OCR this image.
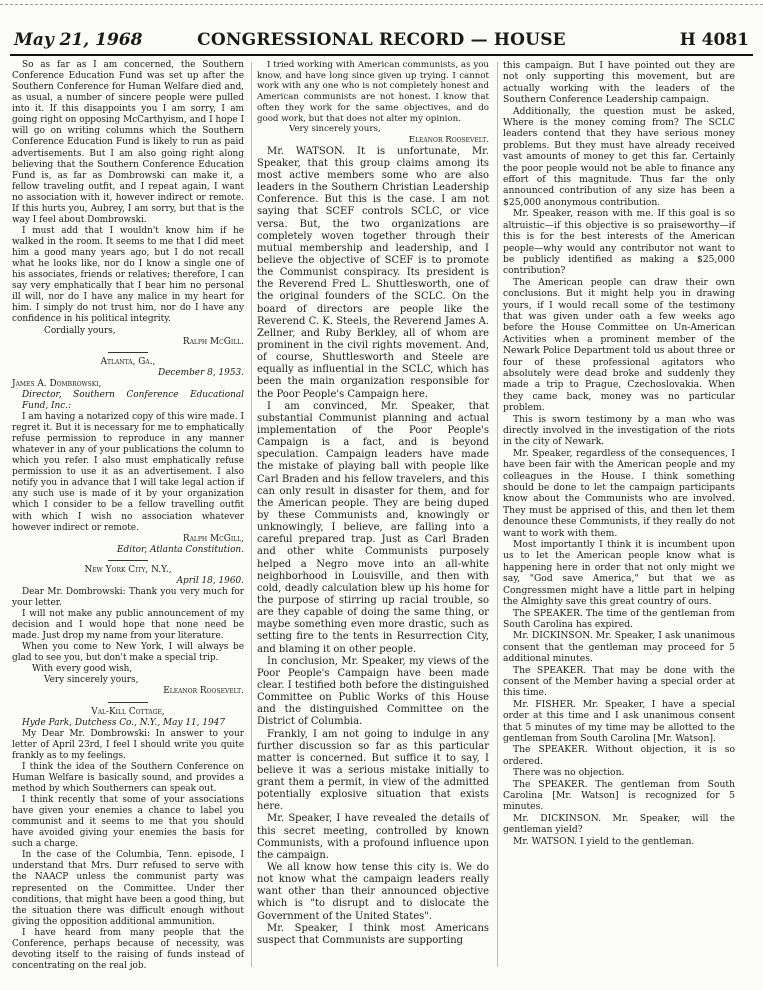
May 21, 1968	CONGRESSIONAL RECORD — HOUSE	H 4081

So as far as I am concerned, the Southern Conference Education Fund was set up after the Southern Conference for Human Welfare died and, as usual, a number of sincere people were pulled into it. If this disappoints you I am sorry, I am going right on opposing McCarthyism, and I hope I will go on writing columns which the Southern Conference Education Fund is likely to run as paid advertisements. But I am also going right along believing that the Southern Conference Education Fund is, as far as Dombrowski can make it, a fellow traveling outfit, and I repeat again, I want no association with it, however indirect or remote. If this hurts you, Aubrey, I am sorry, but that is the way I feel about Dombrowski.

I must add that I wouldn't know him if he walked in the room. It seems to me that I did meet him a good many years ago, but I do not recall what he looks like, nor do I know a single one of his associates, friends or relatives; therefore, I can say very emphatically that I bear him no personal ill will, nor do I have any malice in my heart for him. I simply do not trust him, nor do I have any confidence in his political integrity.

Cordially yours,

Ralph McGill.

Atlanta, Ga.,

December 8, 1953.

James A. Dombrowski,

Director, Southern Conference Educational Fund, Inc.:

I am having a notarized copy of this wire made. I regret it. But it is necessary for me to emphatically refuse permission to reproduce in any manner whatever in any of your publications the column to which you refer. I also must emphatically refuse permission to use it as an advertisement. I also notify you in advance that I will take legal action if any such use is made of it by your organization which I consider to be a fellow travelling outfit with which I wish no association whatever however indirect or remote.

Ralph McGill,

Editor, Atlanta Constitution.

New York City, N.Y.,

April 18, 1960.

Dear Mr. Dombrowski: Thank you very much for your letter.

I will not make any public announcement of my decision and I would hope that none need be made. Just drop my name from your literature.

When you come to New York, I will always be glad to see you, but don't make a special trip.

With every good wish,

Very sincerely yours,

Eleanor Roosevelt.

Val-Kill Cottage,

Hyde Park, Dutchess Co., N.Y., May 11, 1947

My Dear Mr. Dombrowski: In answer to your letter of April 23rd, I feel I should write you quite frankly as to my feelings.

I think the idea of the Southern Conference on Human Welfare is basically sound, and provides a method by which Southerners can speak out.

I think recently that some of your associations have given your enemies a chance to label you communist and it seems to me that you should have avoided giving your enemies the basis for such a charge.

In the case of the Columbia, Tenn. episode, I understand that Mrs. Durr refused to serve with the NAACP unless the communist party was represented on the Committee. Under ther conditions, that might have been a good thing, but the situation there was difficult enough without giving the opposition additional ammunition.

I have heard from many people that the Conference, perhaps because of necessity, was devoting itself to the raising of funds instead of concentrating on the real job.

I tried working with American communists, as you know, and have long since given up trying. I cannot work with any one who is not completely honest and American communists are not honest. I know that often they work for the same objectives, and do good work, but that does not alter my opinion.

Very sincerely yours,

Eleanor Roosevelt.

Mr. WATSON. It is unfortunate, Mr. Speaker, that this group claims among its most active members some who are also leaders in the Southern Christian Leadership Conference. But this is the case. I am not saying that SCEF controls SCLC, or vice versa. But, the two organizations are completely woven together through their mutual membership and leadership, and I believe the objective of SCEF is to promote the Communist conspiracy. Its president is the Reverend Fred L. Shuttlesworth, one of the original founders of the SCLC. On the board of directors are people like the Reverend C. K. Steels, the Reverend James A. Zellner, and Ruby Berkley, all of whom are prominent in the civil rights movement. And, of course, Shuttlesworth and Steele are equally as influential in the SCLC, which has been the main organization responsible for the Poor People's Campaign here.

I am convinced, Mr. Speaker, that substantial Communist planning and actual implementation of the Poor People's Campaign is a fact, and is beyond speculation. Campaign leaders have made the mistake of playing ball with people like Carl Braden and his fellow travelers, and this can only result in disaster for them, and for the American people. They are being duped by these Communists and, knowingly or unknowingly, I believe, are falling into a careful prepared trap. Just as Carl Braden and other white Communists purposely helped a Negro move into an all-white neighborhood in Louisville, and then with cold, deadly calculation blew up his home for the purpose of stirring up racial trouble, so are they capable of doing the same thing, or maybe something even more drastic, such as setting fire to the tents in Resurrection City, and blaming it on other people.

In conclusion, Mr. Speaker, my views of the Poor People's Campaign have been made clear. I testified both before the distinguished Committee on Public Works of this House and the distinguished Committee on the District of Columbia.

Frankly, I am not going to indulge in any further discussion so far as this particular matter is concerned. But suffice it to say, I believe it was a serious mistake initially to grant them a permit, in view of the admitted potentially explosive situation that exists here.

Mr. Speaker, I have revealed the details of this secret meeting, controlled by known Communists, with a profound influence upon the campaign.

We all know how tense this city is. We do not know what the campaign leaders really want other than their announced objective which is "to disrupt and to dislocate the Government of the United States".

Mr. Speaker, I think most Americans suspect that Communists are supporting

this campaign. But I have pointed out they are not only supporting this movement, but are actually working with the leaders of the Southern Conference Leadership campaign.

Additionally, the question must be asked, Where is the money coming from? The SCLC leaders contend that they have serious money problems. But they must have already received vast amounts of money to get this far. Certainly the poor people would not be able to finance any effort of this magnitude. Thus far the only announced contribution of any size has been a $25,000 anonymous contribution.

Mr. Speaker, reason with me. If this goal is so altruistic—if this objective is so praiseworthy—if this is for the best interests of the American people—why would any contributor not want to be publicly identified as making a $25,000 contribution?

The American people can draw their own conclusions. But it might help you in drawing yours, if I would recall some of the testimony that was given under oath a few weeks ago before the House Committee on Un-American Activities when a prominent member of the Newark Police Department told us about three or four of these professional agitators who absolutely were dead broke and suddenly they made a trip to Prague, Czechoslovakia. When they came back, money was no particular problem.

This is sworn testimony by a man who was directly involved in the investigation of the riots in the city of Newark.

Mr. Speaker, regardless of the consequences, I have been fair with the American people and my colleagues in the House. I think something should be done to let the campaign participants know about the Communists who are involved. They must be apprised of this, and then let them denounce these Communists, if they really do not want to work with them.

Most importantly I think it is incumbent upon us to let the American people know what is happening here in order that not only might we say, "God save America," but that we as Congressmen might have a little part in helping the Almighty save this great country of ours.

The SPEAKER. The time of the gentleman from South Carolina has expired.

Mr. DICKINSON. Mr. Speaker, I ask unanimous consent that the gentleman may proceed for 5 additional minutes.

The SPEAKER. That may be done with the consent of the Member having a special order at this time.

Mr. FISHER. Mr. Speaker, I have a special order at this time and I ask unanimous consent that 5 minutes of my time may be allotted to the gentleman from South Carolina [Mr. Watson].

The SPEAKER. Without objection, it is so ordered.

There was no objection.

The SPEAKER. The gentleman from South Carolina [Mr. Watson] is recognized for 5 minutes.

Mr. DICKINSON. Mr. Speaker, will the gentleman yield?

Mr. WATSON. I yield to the gentleman.
